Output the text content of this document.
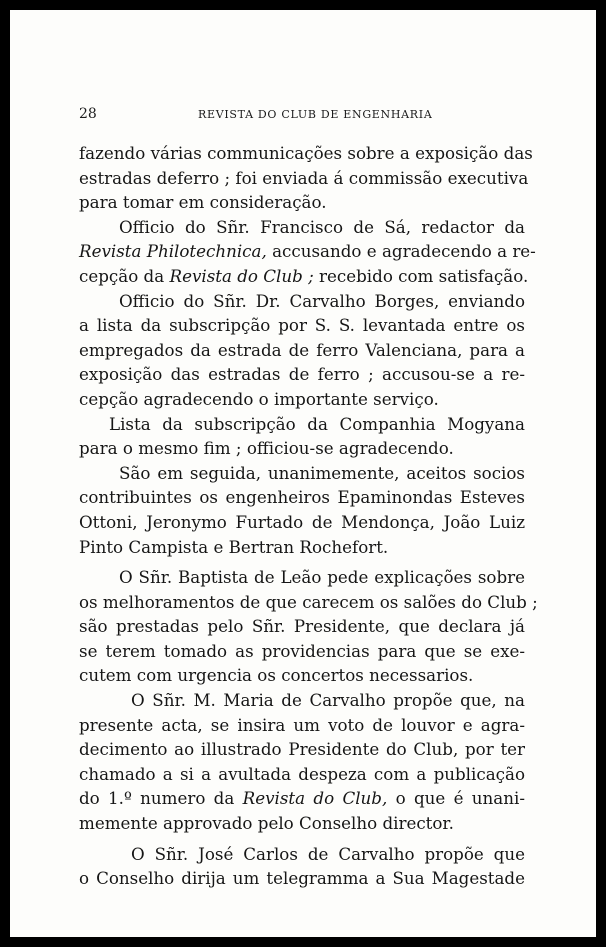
28	REVISTA DO CLUB DE ENGENHARIA
fazendo várias communicações sobre a exposição das
estradas deferro ; foi enviada á commissão executiva
para tomar em consideração.
Officio do Sñr. Francisco de Sá, redactor da
Revista Philotechnica, accusando e agradecendo a re-
cepção da Revista do Club ; recebido com satisfação.
Officio do Sñr. Dr. Carvalho Borges, enviando
a lista da subscripção por S. S. levantada entre os
empregados da estrada de ferro Valenciana, para a
exposição das estradas de ferro ; accusou-se a re-
cepção agradecendo o importante serviço.
Lista da subscripção da Companhia Mogyana
para o mesmo fim ; officiou-se agradecendo.
São em seguida, unanimemente, aceitos socios
contribuintes os engenheiros Epaminondas Esteves
Ottoni, Jeronymo Furtado de Mendonça, João Luiz
Pinto Campista e Bertran Rochefort.
O Sñr. Baptista de Leão pede explicações sobre
os melhoramentos de que carecem os salões do Club ;
são prestadas pelo Sñr. Presidente, que declara já
se terem tomado as providencias para que se exe-
cutem com urgencia os concertos necessarios.
O Sñr. M. Maria de Carvalho propõe que, na
presente acta, se insira um voto de louvor e agra-
decimento ao illustrado Presidente do Club, por ter
chamado a si a avultada despeza com a publicação
do 1.º numero da Revista do Club, o que é unani-
memente approvado pelo Conselho director.
O Sñr. José Carlos de Carvalho propõe que
o Conselho dirija um telegramma a Sua Magestade
